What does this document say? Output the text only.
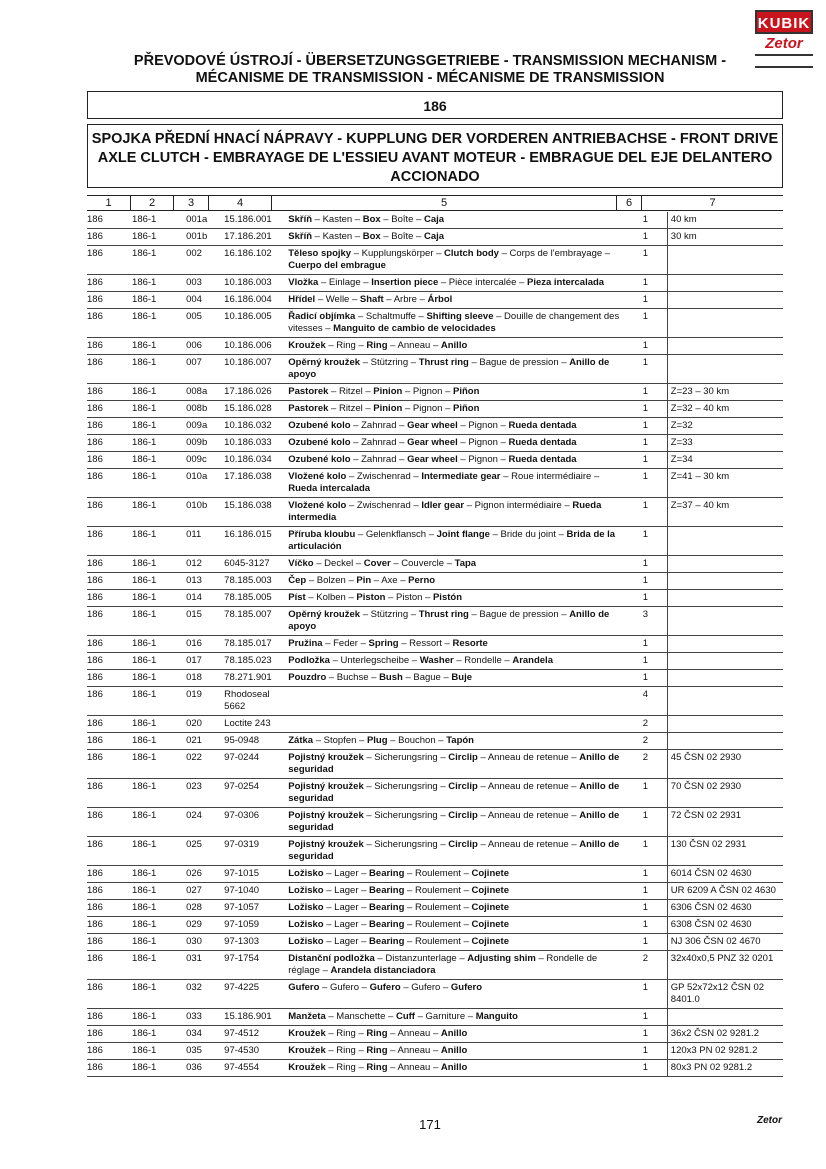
KUBIK
Zetor
PŘEVODOVÉ ÚSTROJÍ - ÜBERSETZUNGSGETRIEBE - TRANSMISSION MECHANISM - MÉCANISME DE TRANSMISSION - MÉCANISME DE TRANSMISSION
186
SPOJKA PŘEDNÍ HNACÍ NÁPRAVY - KUPPLUNG DER VORDEREN ANTRIEBACHSE - FRONT DRIVE AXLE CLUTCH - EMBRAYAGE DE L'ESSIEU AVANT MOTEUR - EMBRAGUE DEL EJE DELANTERO ACCIONADO
1	2	3	4	5	6	7
186	186-1	001a	15.186.001	Skříň – Kasten – Box – Boîte – Caja	1	40 km
186	186-1	001b	17.186.201	Skříň – Kasten – Box – Boîte – Caja	1	30 km
186	186-1	002	16.186.102	Těleso spojky – Kupplungskörper – Clutch body – Corps de l'embrayage – Cuerpo del embrague	1	
186	186-1	003	10.186.003	Vložka – Einlage – Insertion piece – Pièce intercalée – Pieza intercalada	1	
186	186-1	004	16.186.004	Hřídel – Welle – Shaft – Arbre – Árbol	1	
186	186-1	005	10.186.005	Řadicí objímka – Schaltmuffe – Shifting sleeve – Douille de changement des vitesses – Manguito de cambio de velocidades	1	
186	186-1	006	10.186.006	Kroužek – Ring – Ring – Anneau – Anillo	1	
186	186-1	007	10.186.007	Opěrný kroužek – Stützring – Thrust ring – Bague de pression – Anillo de apoyo	1	
186	186-1	008a	17.186.026	Pastorek – Ritzel – Pinion – Pignon – Piñon	1	Z=23 – 30 km
186	186-1	008b	15.186.028	Pastorek – Ritzel – Pinion – Pignon – Piñon	1	Z=32 – 40 km
186	186-1	009a	10.186.032	Ozubené kolo – Zahnrad – Gear wheel – Pignon – Rueda dentada	1	Z=32
186	186-1	009b	10.186.033	Ozubené kolo – Zahnrad – Gear wheel – Pignon – Rueda dentada	1	Z=33
186	186-1	009c	10.186.034	Ozubené kolo – Zahnrad – Gear wheel – Pignon – Rueda dentada	1	Z=34
186	186-1	010a	17.186.038	Vložené kolo – Zwischenrad – Intermediate gear – Roue intermédiaire – Rueda intercalada	1	Z=41 – 30 km
186	186-1	010b	15.186.038	Vložené kolo – Zwischenrad – Idler gear – Pignon intermédiaire – Rueda intermedia	1	Z=37 – 40 km
186	186-1	011	16.186.015	Příruba kloubu – Gelenkflansch – Joint flange – Bride du joint – Brida de la articulación	1	
186	186-1	012	6045-3127	Víčko – Deckel – Cover – Couvercle – Tapa	1	
186	186-1	013	78.185.003	Čep – Bolzen – Pin – Axe – Perno	1	
186	186-1	014	78.185.005	Píst – Kolben – Piston – Piston – Pistón	1	
186	186-1	015	78.185.007	Opěrný kroužek – Stützring – Thrust ring – Bague de pression – Anillo de apoyo	3	
186	186-1	016	78.185.017	Pružina – Feder – Spring – Ressort – Resorte	1	
186	186-1	017	78.185.023	Podložka – Unterlegscheibe – Washer – Rondelle – Arandela	1	
186	186-1	018	78.271.901	Pouzdro – Buchse – Bush – Bague – Buje	1	
186	186-1	019	Rhodoseal 5662		4	
186	186-1	020	Loctite 243		2	
186	186-1	021	95-0948	Zátka – Stopfen – Plug – Bouchon – Tapón	2	
186	186-1	022	97-0244	Pojistný kroužek – Sicherungsring – Circlip – Anneau de retenue – Anillo de seguridad	2	45 ČSN 02 2930
186	186-1	023	97-0254	Pojistný kroužek – Sicherungsring – Circlip – Anneau de retenue – Anillo de seguridad	1	70 ČSN 02 2930
186	186-1	024	97-0306	Pojistný kroužek – Sicherungsring – Circlip – Anneau de retenue – Anillo de seguridad	1	72 ČSN 02 2931
186	186-1	025	97-0319	Pojistný kroužek – Sicherungsring – Circlip – Anneau de retenue – Anillo de seguridad	1	130 ČSN 02 2931
186	186-1	026	97-1015	Ložisko – Lager – Bearing – Roulement – Cojinete	1	6014 ČSN 02 4630
186	186-1	027	97-1040	Ložisko – Lager – Bearing – Roulement – Cojinete	1	UR 6209 A ČSN 02 4630
186	186-1	028	97-1057	Ložisko – Lager – Bearing – Roulement – Cojinete	1	6306 ČSN 02 4630
186	186-1	029	97-1059	Ložisko – Lager – Bearing – Roulement – Cojinete	1	6308 ČSN 02 4630
186	186-1	030	97-1303	Ložisko – Lager – Bearing – Roulement – Cojinete	1	NJ 306 ČSN 02 4670
186	186-1	031	97-1754	Distanční podložka – Distanzunterlage – Adjusting shim – Rondelle de réglage – Arandela distanciadora	2	32x40x0,5 PNZ 32 0201
186	186-1	032	97-4225	Gufero – Gufero – Gufero – Gufero – Gufero	1	GP 52x72x12 ČSN 02 8401.0
186	186-1	033	15.186.901	Manžeta – Manschette – Cuff – Garniture – Manguito	1	
186	186-1	034	97-4512	Kroužek – Ring – Ring – Anneau – Anillo	1	36x2 ČSN 02 9281.2
186	186-1	035	97-4530	Kroužek – Ring – Ring – Anneau – Anillo	1	120x3 PN 02 9281.2
186	186-1	036	97-4554	Kroužek – Ring – Ring – Anneau – Anillo	1	80x3 PN 02 9281.2
171	Zetor
